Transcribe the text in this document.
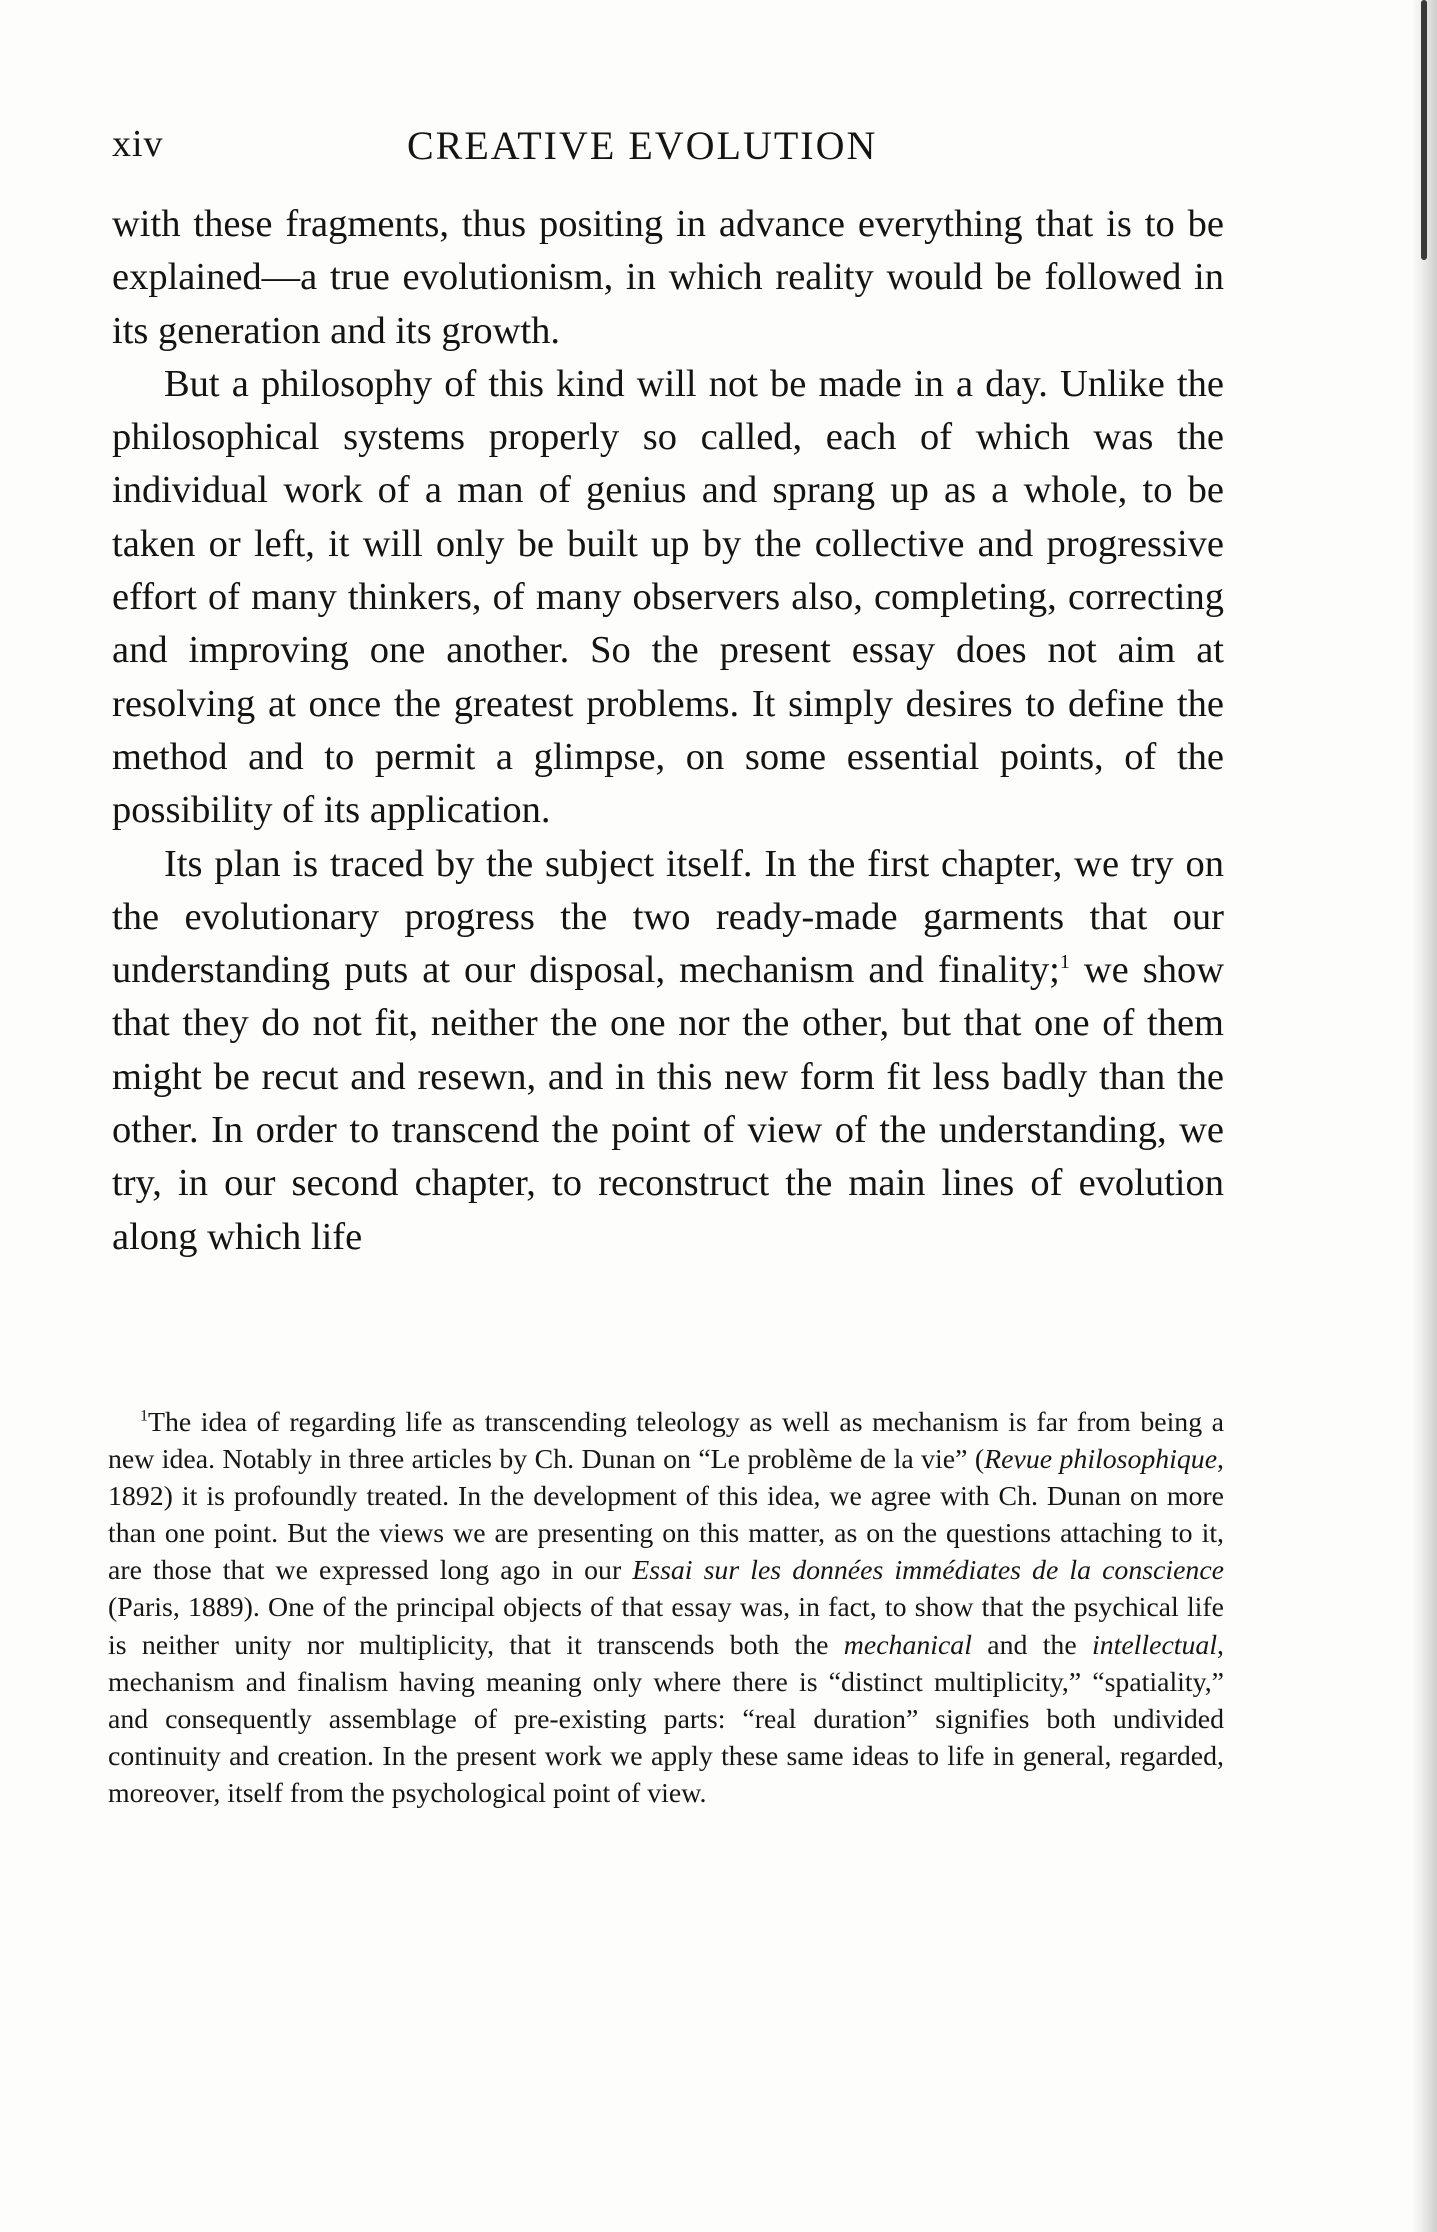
xiv	CREATIVE EVOLUTION

with these fragments, thus positing in advance everything that is to be explained—a true evolutionism, in which reality would be followed in its generation and its growth.

But a philosophy of this kind will not be made in a day. Unlike the philosophical systems properly so called, each of which was the individual work of a man of genius and sprang up as a whole, to be taken or left, it will only be built up by the collective and progressive effort of many thinkers, of many observers also, completing, correcting and improving one another. So the present essay does not aim at resolving at once the greatest problems. It simply desires to define the method and to permit a glimpse, on some essential points, of the possibility of its application.

Its plan is traced by the subject itself. In the first chapter, we try on the evolutionary progress the two ready-made garments that our understanding puts at our disposal, mechanism and finality;$^1$ we show that they do not fit, neither the one nor the other, but that one of them might be recut and resewn, and in this new form fit less badly than the other. In order to transcend the point of view of the understanding, we try, in our second chapter, to reconstruct the main lines of evolution along which life

$^1$The idea of regarding life as transcending teleology as well as mechanism is far from being a new idea. Notably in three articles by Ch. Dunan on “Le problème de la vie” (Revue philosophique, 1892) it is profoundly treated. In the development of this idea, we agree with Ch. Dunan on more than one point. But the views we are presenting on this matter, as on the questions attaching to it, are those that we expressed long ago in our Essai sur les données immédiates de la conscience (Paris, 1889). One of the principal objects of that essay was, in fact, to show that the psychical life is neither unity nor multiplicity, that it transcends both the mechanical and the intellectual, mechanism and finalism having meaning only where there is “distinct multiplicity,” “spatiality,” and consequently assemblage of pre-existing parts: “real duration” signifies both undivided continuity and creation. In the present work we apply these same ideas to life in general, regarded, moreover, itself from the psychological point of view.
